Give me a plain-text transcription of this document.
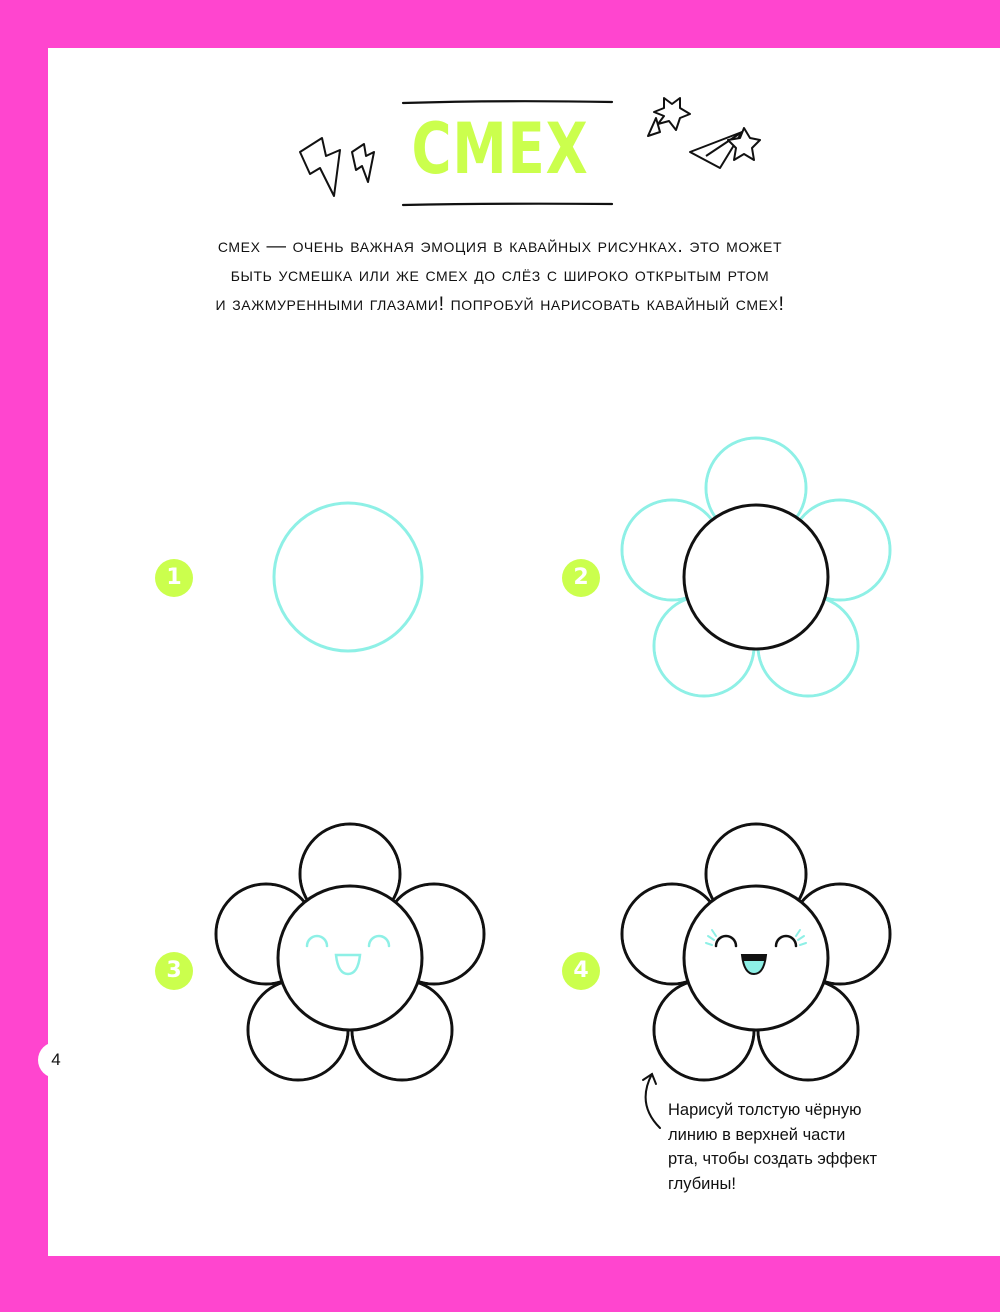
СМЕХ
смех — очень важная эмоция в кавайных рисунках. это может
быть усмешка или же смех до слёз с широко открытым ртом
и зажмуренными глазами! попробуй нарисовать кавайный смех!
1	2
3	4
Нарисуй толстую чёрную
линию в верхней части
рта, чтобы создать эффект
глубины!
4
